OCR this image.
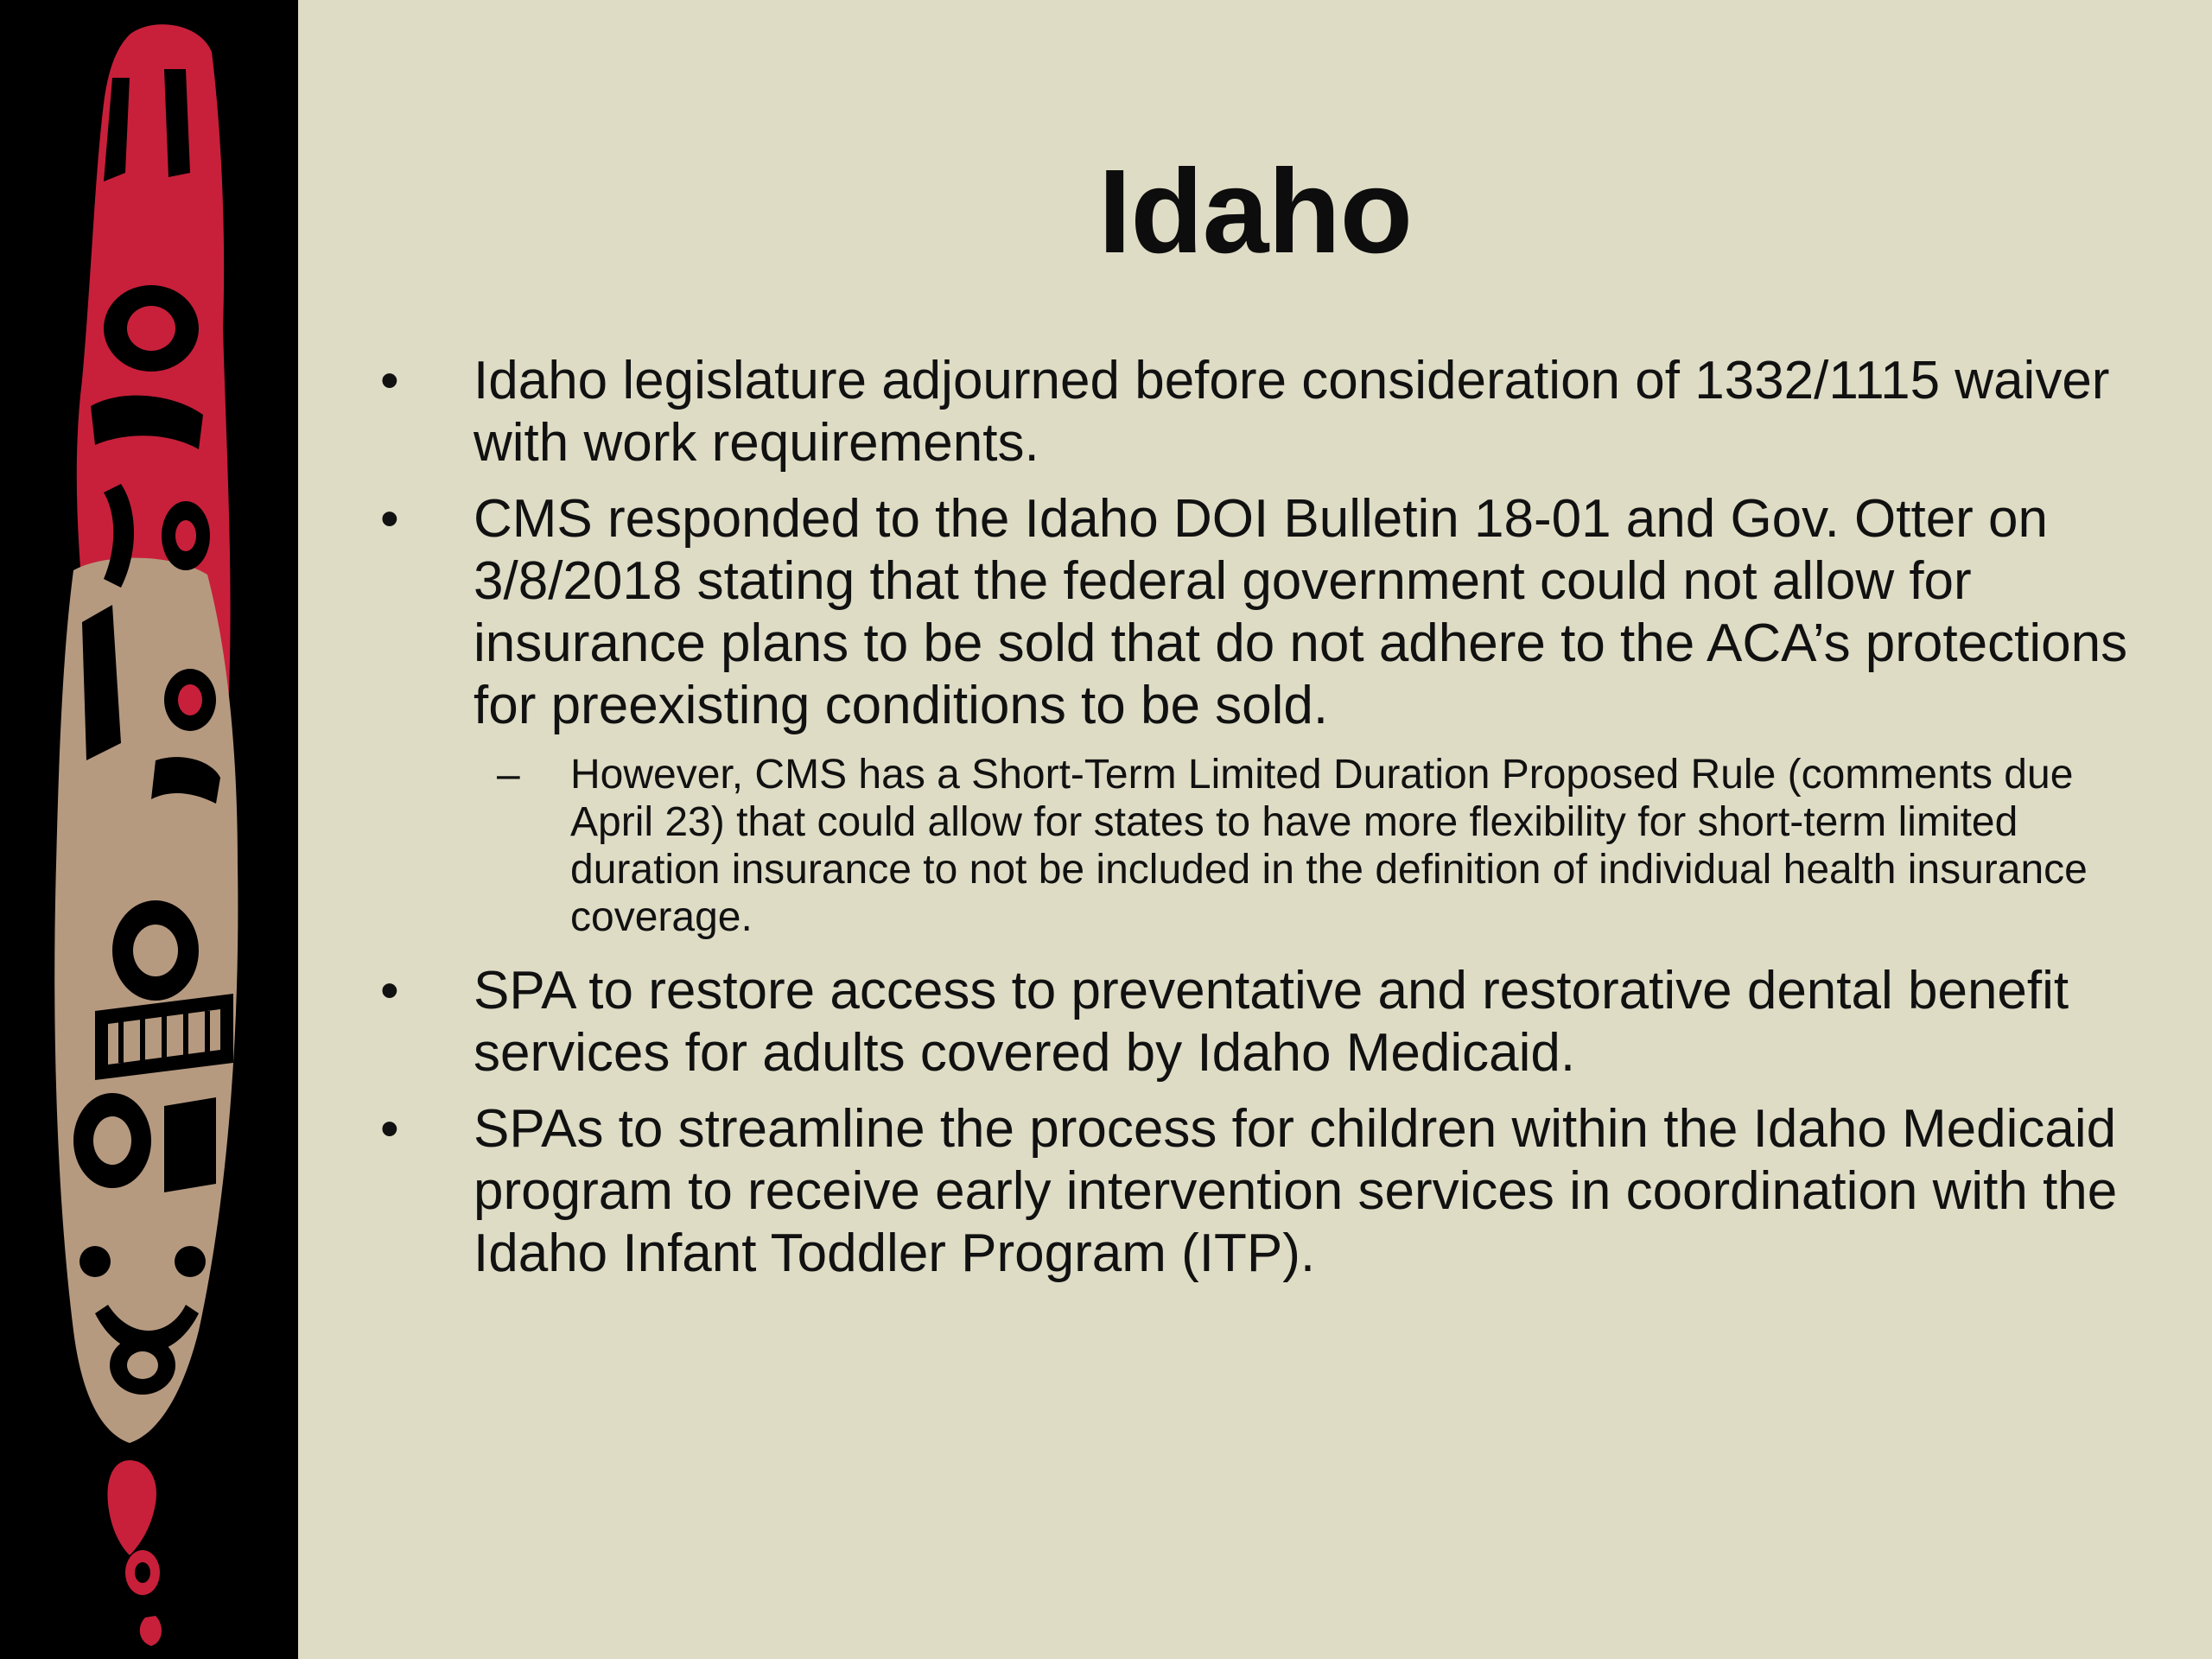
Idaho
•	Idaho legislature adjourned before consideration of 1332/1115 waiver with work requirements.
•	CMS responded to the Idaho DOI Bulletin 18-01 and Gov. Otter on 3/8/2018 stating that the federal government could not allow for insurance plans to be sold that do not adhere to the ACA’s protections for preexisting conditions to be sold.
– However, CMS has a Short-Term Limited Duration Proposed Rule (comments due April 23) that could allow for states to have more flexibility for short-term limited duration insurance to not be included in the definition of individual health insurance coverage.
•	SPA to restore access to preventative and restorative dental benefit services for adults covered by Idaho Medicaid.
•	SPAs to streamline the process for children within the Idaho Medicaid program to receive early intervention services in coordination with the Idaho Infant Toddler Program (ITP).
